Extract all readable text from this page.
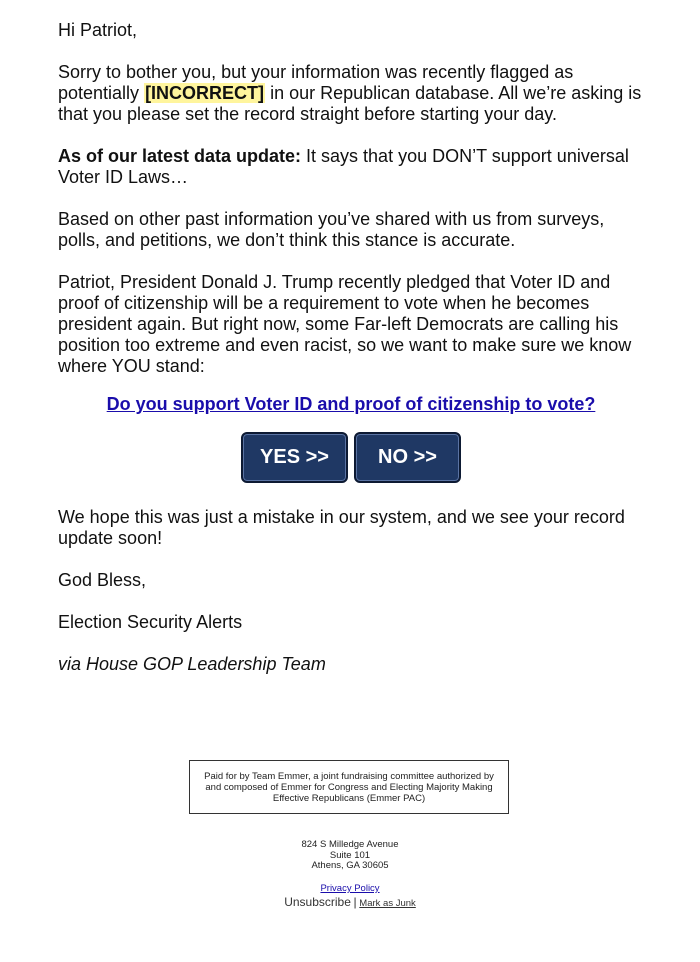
Hi Patriot,

Sorry to bother you, but your information was recently flagged as potentially [INCORRECT] in our Republican database. All we’re asking is that you please set the record straight before starting your day.

As of our latest data update: It says that you DON’T support universal Voter ID Laws…

Based on other past information you’ve shared with us from surveys, polls, and petitions, we don’t think this stance is accurate.

Patriot, President Donald J. Trump recently pledged that Voter ID and proof of citizenship will be a requirement to vote when he becomes president again. But right now, some Far-left Democrats are calling his position too extreme and even racist, so we want to make sure we know where YOU stand:

Do you support Voter ID and proof of citizenship to vote?
YES >>	NO >>

We hope this was just a mistake in our system, and we see your record update soon!

God Bless,

Election Security Alerts

via House GOP Leadership Team

Paid for by Team Emmer, a joint fundraising committee authorized by and composed of Emmer for Congress and Electing Majority Making Effective Republicans (Emmer PAC)
824 S Milledge Avenue
Suite 101
Athens, GA 30605
Privacy Policy
Unsubscribe | Mark as Junk
